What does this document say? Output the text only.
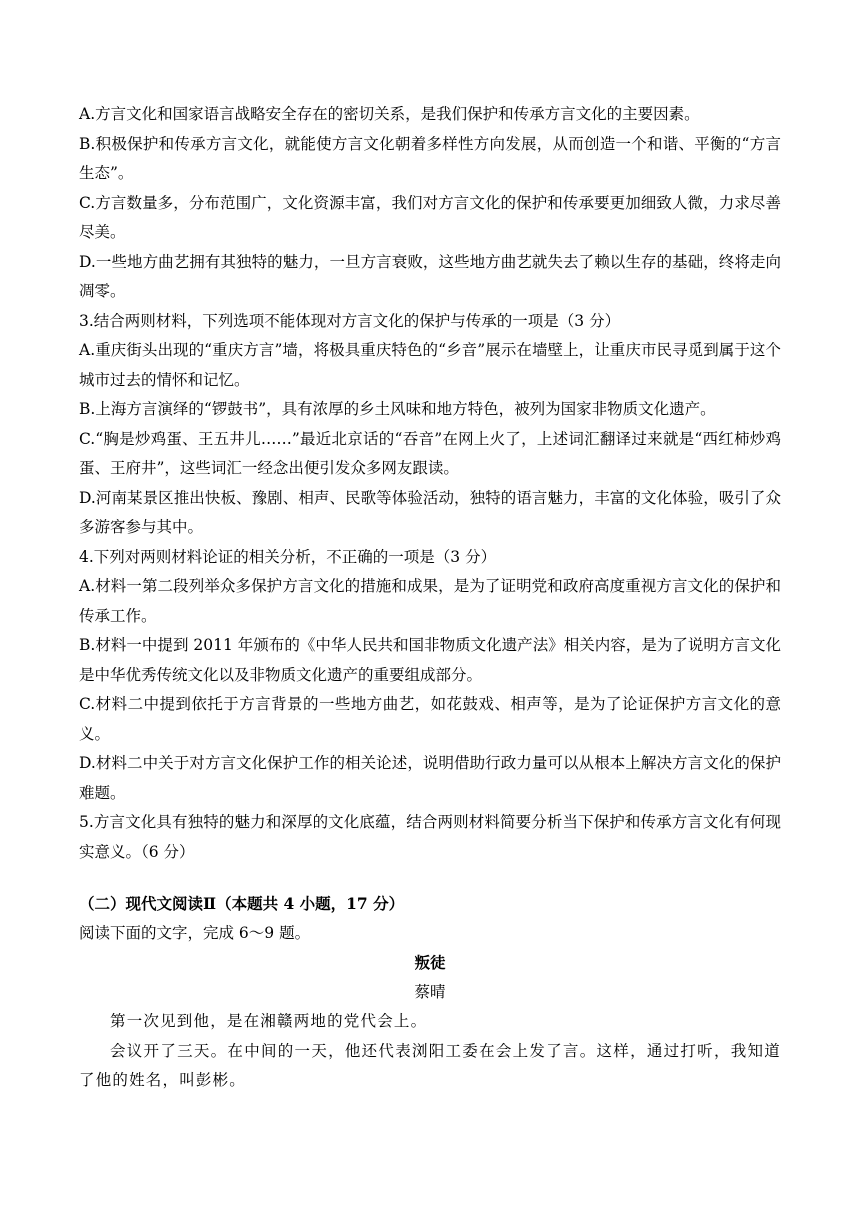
A.方言文化和国家语言战略安全存在的密切关系，是我们保护和传承方言文化的主要因素。

B.积极保护和传承方言文化，就能使方言文化朝着多样性方向发展，从而创造一个和谐、平衡的“方言生态”。

C.方言数量多，分布范围广，文化资源丰富，我们对方言文化的保护和传承要更加细致人微，力求尽善尽美。

D.一些地方曲艺拥有其独特的魅力，一旦方言衰败，这些地方曲艺就失去了赖以生存的基础，终将走向凋零。

3.结合两则材料，下列选项不能体现对方言文化的保护与传承的一项是（3 分）

A.重庆街头出现的“重庆方言”墙，将极具重庆特色的“乡音”展示在墙壁上，让重庆市民寻觅到属于这个城市过去的情怀和记忆。

B.上海方言演绎的“锣鼓书”，具有浓厚的乡土风味和地方特色，被列为国家非物质文化遗产。

C.“胸是炒鸡蛋、王五井儿……”最近北京话的“吞音”在网上火了，上述词汇翻译过来就是“西红柿炒鸡蛋、王府井”，这些词汇一经念出便引发众多网友跟读。

D.河南某景区推出快板、豫剧、相声、民歌等体验活动，独特的语言魅力，丰富的文化体验，吸引了众多游客参与其中。

4.下列对两则材料论证的相关分析，不正确的一项是（3 分）

A.材料一第二段列举众多保护方言文化的措施和成果，是为了证明党和政府高度重视方言文化的保护和传承工作。

B.材料一中提到 2011 年颁布的《中华人民共和国非物质文化遗产法》相关内容，是为了说明方言文化是中华优秀传统文化以及非物质文化遗产的重要组成部分。

C.材料二中提到依托于方言背景的一些地方曲艺，如花鼓戏、相声等，是为了论证保护方言文化的意义。

D.材料二中关于对方言文化保护工作的相关论述，说明借助行政力量可以从根本上解决方言文化的保护难题。

5.方言文化具有独特的魅力和深厚的文化底蕴，结合两则材料简要分析当下保护和传承方言文化有何现实意义。（6 分）

（二）现代文阅读Ⅱ（本题共 4 小题，17 分）

阅读下面的文字，完成 6～9 题。

叛徒

蔡晴

第一次见到他，是在湘赣两地的党代会上。

会议开了三天。在中间的一天，他还代表浏阳工委在会上发了言。这样，通过打听，我知道了他的姓名，叫彭彬。
